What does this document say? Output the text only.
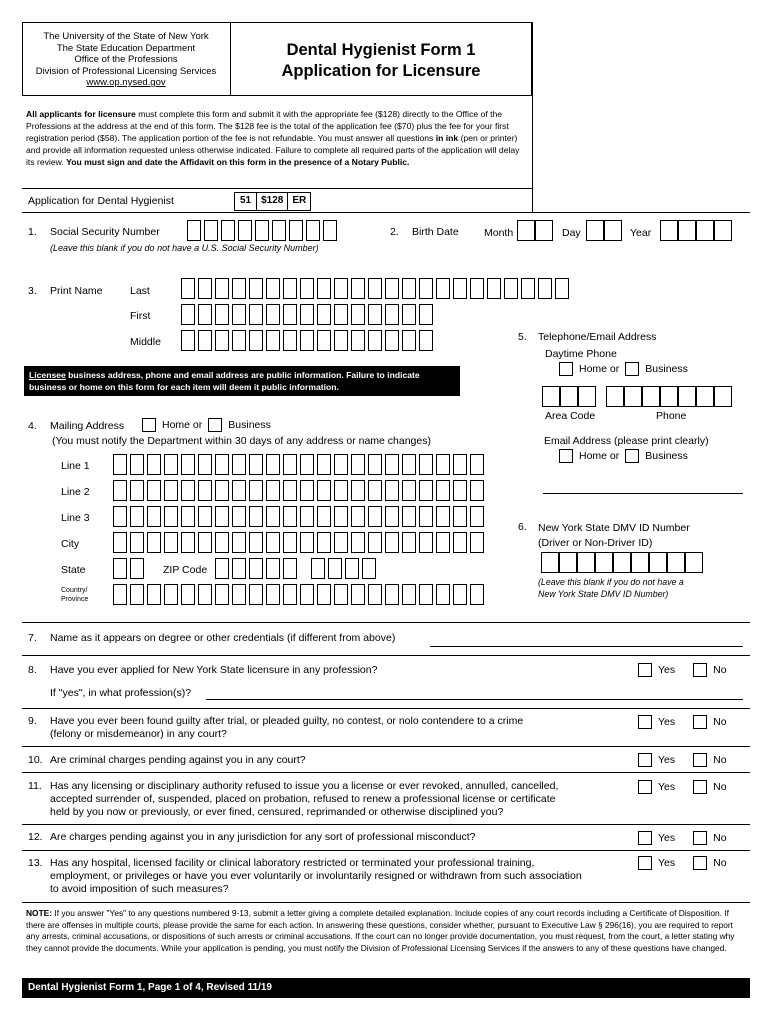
The University of the State of New York
The State Education Department
Office of the Professions
Division of Professional Licensing Services
www.op.nysed.gov
Dental Hygienist Form 1
Application for Licensure
All applicants for licensure must complete this form and submit it with the appropriate fee ($128) directly to the Office of the Professions at the address at the end of this form. The $128 fee is the total of the application fee ($70) plus the fee for your first registration period ($58). The application portion of the fee is not refundable. You must answer all questions in ink (pen or printer) and provide all information requested unless otherwise indicated. Failure to complete all required parts of the application will delay its review. You must sign and date the Affidavit on this form in the presence of a Notary Public.
Application for Dental Hygienist	51	$128 ER
1. Social Security Number
(Leave this blank if you do not have a U.S. Social Security Number)
2. Birth Date Month	Day	Year
3. Print Name	Last
First
Middle
Licensee business address, phone and email address are public information. Failure to indicate business or home on this form for each item will deem it public information.
5. Telephone/Email Address
Daytime Phone
Home or Business
Area Code	Phone
Email Address (please print clearly)
Home or Business
6. New York State DMV ID Number
(Driver or Non-Driver ID)
(Leave this blank if you do not have a
New York State DMV ID Number)
4. Mailing Address	Home or Business
(You must notify the Department within 30 days of any address or name changes)
Line 1
Line 2
Line 3
City
State	ZIP Code
Country/
Province
7. Name as it appears on degree or other credentials (if different from above)
8. Have you ever applied for New York State licensure in any profession?
If "yes", in what profession(s)?
Yes	No
9. Have you ever been found guilty after trial, or pleaded guilty, no contest, or nolo contendere to a crime
(felony or misdemeanor) in any court?
Yes	No
10. Are criminal charges pending against you in any court?	Yes	No
11. Has any licensing or disciplinary authority refused to issue you a license or ever revoked, annulled, cancelled,
accepted surrender of, suspended, placed on probation, refused to renew a professional license or certificate
held by you now or previously, or ever fined, censured, reprimanded or otherwise disciplined you?
Yes	No
12. Are charges pending against you in any jurisdiction for any sort of professional misconduct?	Yes	No
13. Has any hospital, licensed facility or clinical laboratory restricted or terminated your professional training,
employment, or privileges or have you ever voluntarily or involuntarily resigned or withdrawn from such association
to avoid imposition of such measures?
Yes	No
NOTE: If you answer "Yes" to any questions numbered 9-13, submit a letter giving a complete detailed explanation. Include copies of any court records including a Certificate of Disposition. If there are offenses in multiple courts, please provide the same for each action. In answering these questions, consider whether, pursuant to Executive Law § 296(16), you are required to report any arrests, criminal accusations, or dispositions of such arrests or criminal accusations. If the court can no longer provide documentation, you must request, from the court, a letter stating why they cannot provide the documents. While your application is pending, you must notify the Division of Professional Licensing Services if the answers to any of these questions have changed.
Dental Hygienist Form 1, Page 1 of 4, Revised 11/19
